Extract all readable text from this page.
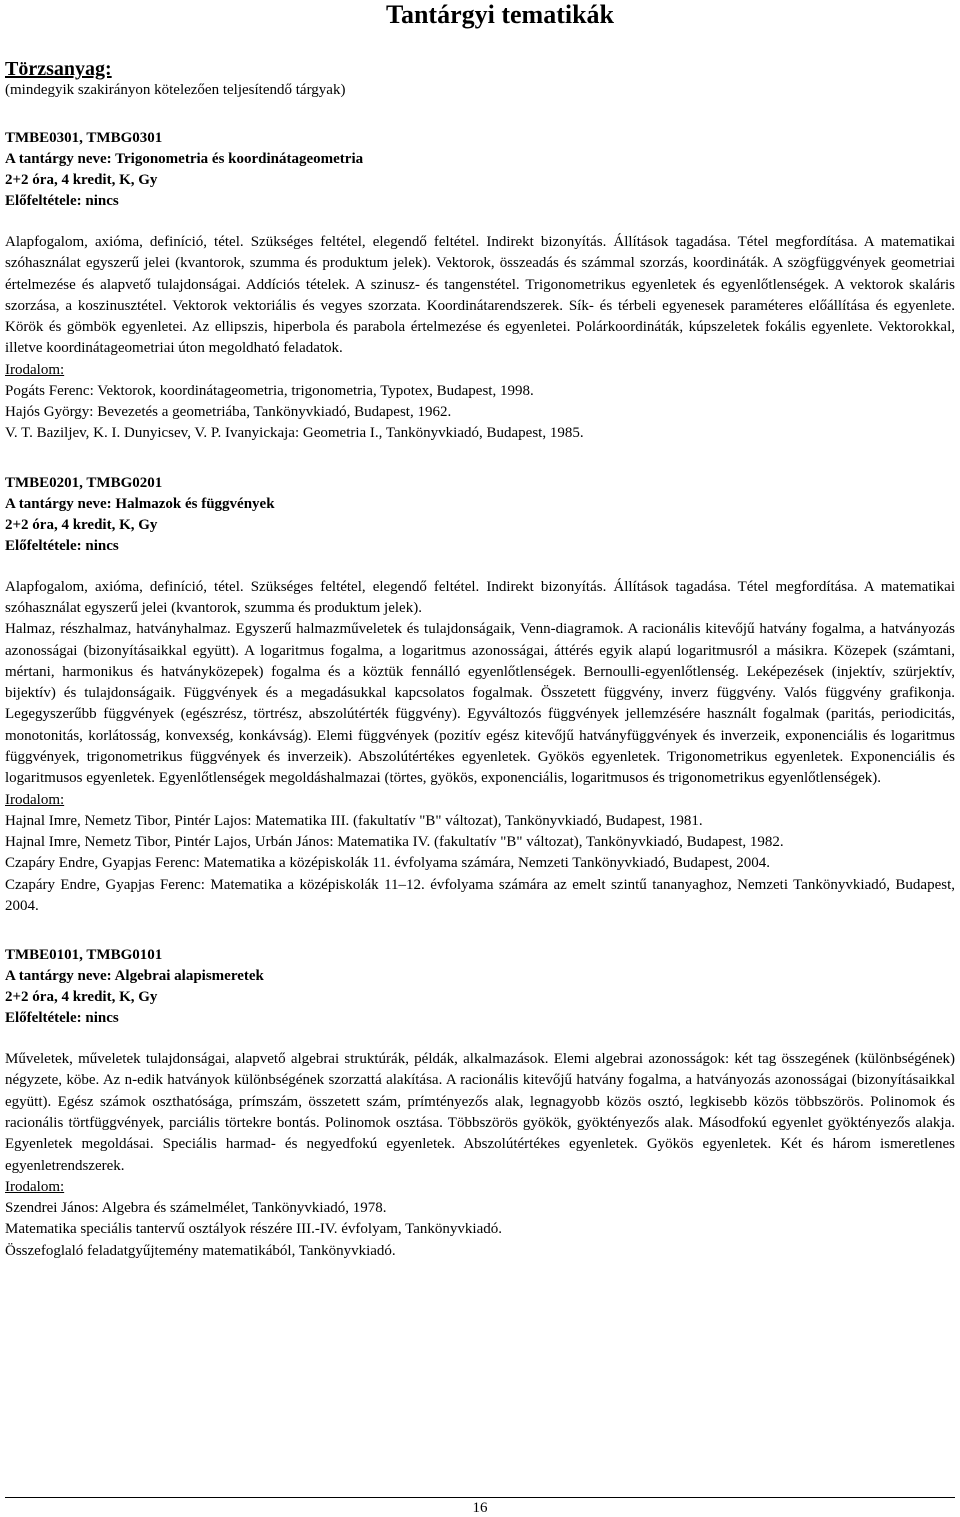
Tantárgyi tematikák
Törzsanyag:
(mindegyik szakirányon kötelezően teljesítendő tárgyak)
TMBE0301, TMBG0301
A tantárgy neve: Trigonometria és koordinátageometria
2+2 óra, 4 kredit, K, Gy
Előfeltétele: nincs
Alapfogalom, axióma, definíció, tétel. Szükséges feltétel, elegendő feltétel. Indirekt bizonyítás. Állítások tagadása. Tétel megfordítása. A matematikai szóhasználat egyszerű jelei (kvantorok, szumma és produktum jelek). Vektorok, összeadás és számmal szorzás, koordináták. A szögfüggvények geometriai értelmezése és alapvető tulajdonságai. Addíciós tételek. A szinusz- és tangenstétel. Trigonometrikus egyenletek és egyenlőtlenségek. A vektorok skaláris szorzása, a koszinusztétel. Vektorok vektoriális és vegyes szorzata. Koordinátarendszerek. Sík- és térbeli egyenesek paraméteres előállítása és egyenlete. Körök és gömbök egyenletei. Az ellipszis, hiperbola és parabola értelmezése és egyenletei. Polárkoordináták, kúpszeletek fokális egyenlete. Vektorokkal, illetve koordinátageometriai úton megoldható feladatok.
Irodalom:
Pogáts Ferenc: Vektorok, koordinátageometria, trigonometria, Typotex, Budapest, 1998.
Hajós György: Bevezetés a geometriába, Tankönyvkiadó, Budapest, 1962.
V. T. Baziljev, K. I. Dunyicsev, V. P. Ivanyickaja: Geometria I., Tankönyvkiadó, Budapest, 1985.
TMBE0201, TMBG0201
A tantárgy neve: Halmazok és függvények
2+2 óra, 4 kredit, K, Gy
Előfeltétele: nincs
Alapfogalom, axióma, definíció, tétel. Szükséges feltétel, elegendő feltétel. Indirekt bizonyítás. Állítások tagadása. Tétel megfordítása. A matematikai szóhasználat egyszerű jelei (kvantorok, szumma és produktum jelek).
Halmaz, részhalmaz, hatványhalmaz. Egyszerű halmazműveletek és tulajdonságaik, Venn-diagramok. A racionális kitevőjű hatvány fogalma, a hatványozás azonosságai (bizonyításaikkal együtt). A logaritmus fogalma, a logaritmus azonosságai, áttérés egyik alapú logaritmusról a másikra. Közepek (számtani, mértani, harmonikus és hatványközepek) fogalma és a köztük fennálló egyenlőtlenségek. Bernoulli-egyenlőtlenség. Leképezések (injektív, szürjektív, bijektív) és tulajdonságaik. Függvények és a megadásukkal kapcsolatos fogalmak. Összetett függvény, inverz függvény. Valós függvény grafikonja. Legegyszerűbb függvények (egészrész, törtrész, abszolútérték függvény). Egyváltozós függvények jellemzésére használt fogalmak (paritás, periodicitás, monotonitás, korlátosság, konvexség, konkávság). Elemi függvények (pozitív egész kitevőjű hatványfüggvények és inverzeik, exponenciális és logaritmus függvények, trigonometrikus függvények és inverzeik). Abszolútértékes egyenletek. Gyökös egyenletek. Trigonometrikus egyenletek. Exponenciális és logaritmusos egyenletek. Egyenlőtlenségek megoldáshalmazai (törtes, gyökös, exponenciális, logaritmusos és trigonometrikus egyenlőtlenségek).
Irodalom:
Hajnal Imre, Nemetz Tibor, Pintér Lajos: Matematika III. (fakultatív "B" változat), Tankönyvkiadó, Budapest, 1981.
Hajnal Imre, Nemetz Tibor, Pintér Lajos, Urbán János: Matematika IV. (fakultatív "B" változat), Tankönyvkiadó, Budapest, 1982.
Czapáry Endre, Gyapjas Ferenc: Matematika a középiskolák 11. évfolyama számára, Nemzeti Tankönyvkiadó, Budapest, 2004.
Czapáry Endre, Gyapjas Ferenc: Matematika a középiskolák 11–12. évfolyama számára az emelt szintű tananyaghoz, Nemzeti Tankönyvkiadó, Budapest, 2004.
TMBE0101, TMBG0101
A tantárgy neve: Algebrai alapismeretek
2+2 óra, 4 kredit, K, Gy
Előfeltétele: nincs
Műveletek, műveletek tulajdonságai, alapvető algebrai struktúrák, példák, alkalmazások. Elemi algebrai azonosságok: két tag összegének (különbségének) négyzete, köbe. Az n-edik hatványok különbségének szorzattá alakítása. A racionális kitevőjű hatvány fogalma, a hatványozás azonosságai (bizonyításaikkal együtt). Egész számok oszthatósága, prímszám, összetett szám, prímtényezős alak, legnagyobb közös osztó, legkisebb közös többszörös. Polinomok és racionális törtfüggvények, parciális törtekre bontás. Polinomok osztása. Többszörös gyökök, gyöktényezős alak. Másodfokú egyenlet gyöktényezős alakja. Egyenletek megoldásai. Speciális harmad- és negyedfokú egyenletek. Abszolútértékes egyenletek. Gyökös egyenletek. Két és három ismeretlenes egyenletrendszerek.
Irodalom:
Szendrei János: Algebra és számelmélet, Tankönyvkiadó, 1978.
Matematika speciális tantervű osztályok részére III.-IV. évfolyam, Tankönyvkiadó.
Összefoglaló feladatgyűjtemény matematikából, Tankönyvkiadó.
16
